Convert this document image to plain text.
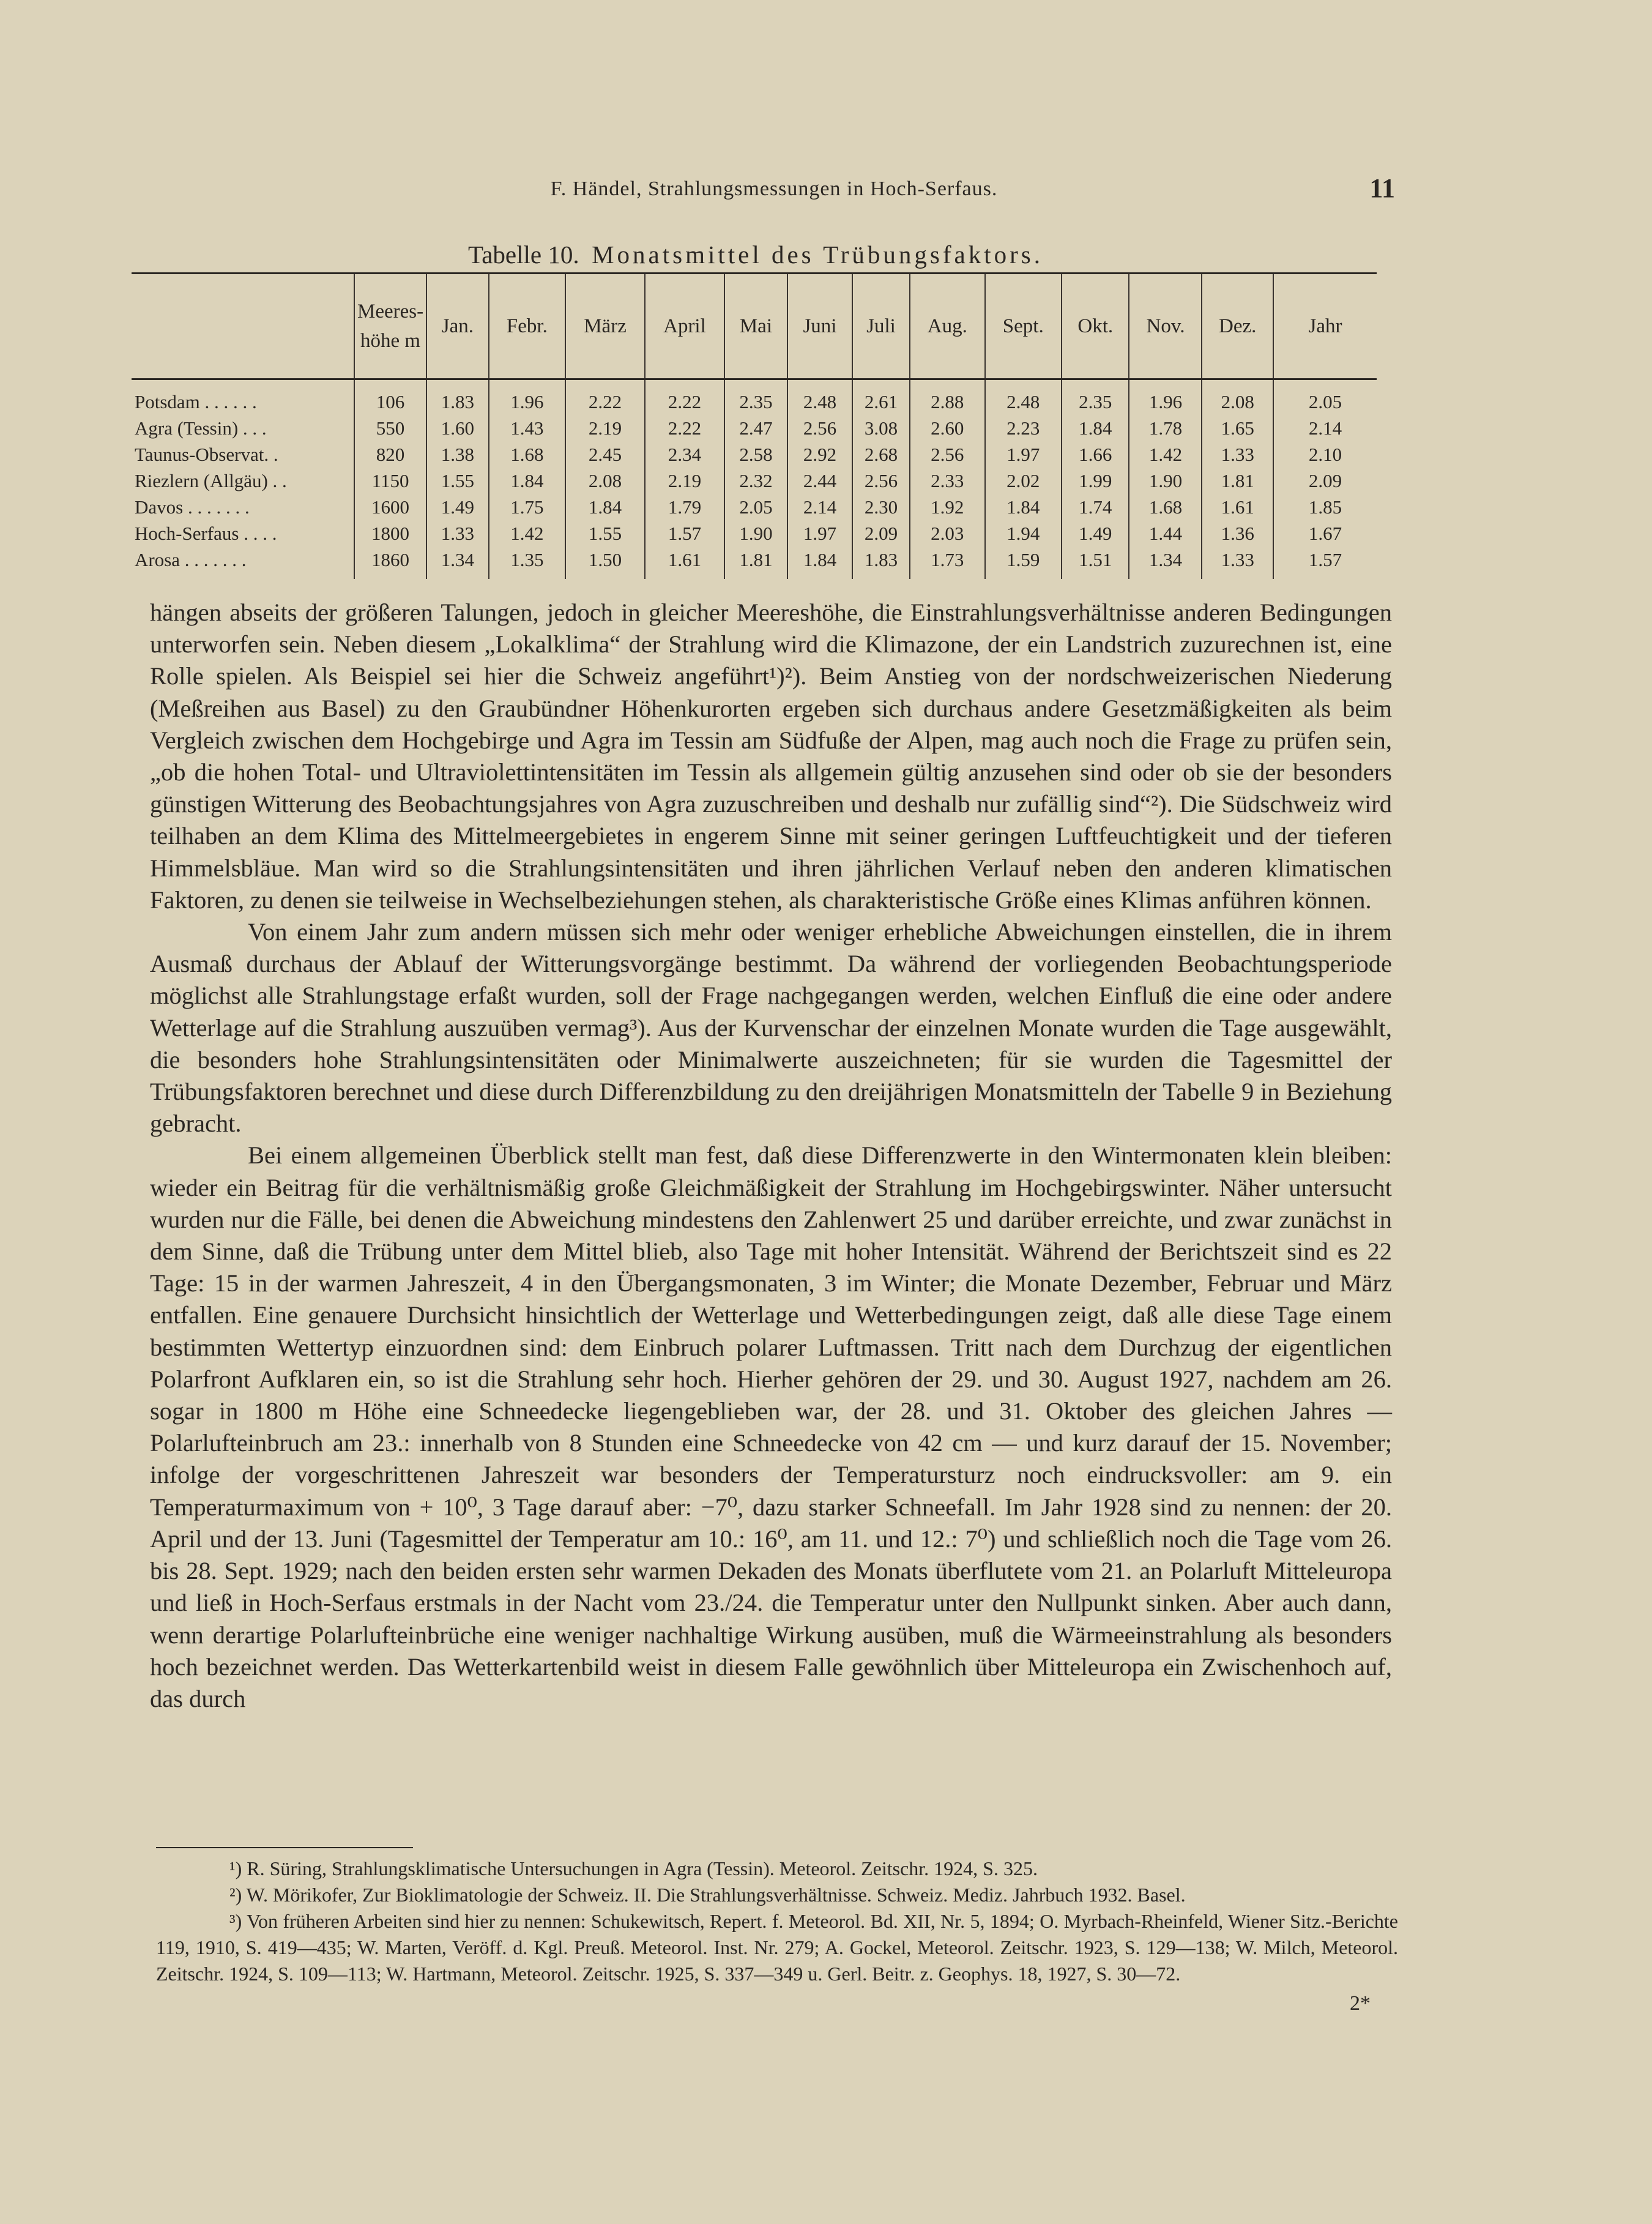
F. Händel, Strahlungsmessungen in Hoch-Serfaus.	11
Tabelle 10. Monatsmittel des Trübungsfaktors.
	Meeres-höhe m	Jan.	Febr.	März	April	Mai	Juni	Juli	Aug.	Sept.	Okt.	Nov.	Dez.	Jahr
Potsdam . . . . . .	106	1.83	1.96	2.22	2.22	2.35	2.48	2.61	2.88	2.48	2.35	1.96	2.08	2.05
Agra (Tessin) . . .	550	1.60	1.43	2.19	2.22	2.47	2.56	3.08	2.60	2.23	1.84	1.78	1.65	2.14
Taunus-Observat. .	820	1.38	1.68	2.45	2.34	2.58	2.92	2.68	2.56	1.97	1.66	1.42	1.33	2.10
Riezlern (Allgäu) . .	1150	1.55	1.84	2.08	2.19	2.32	2.44	2.56	2.33	2.02	1.99	1.90	1.81	2.09
Davos . . . . . . .	1600	1.49	1.75	1.84	1.79	2.05	2.14	2.30	1.92	1.84	1.74	1.68	1.61	1.85
Hoch-Serfaus . . . .	1800	1.33	1.42	1.55	1.57	1.90	1.97	2.09	2.03	1.94	1.49	1.44	1.36	1.67
Arosa . . . . . . .	1860	1.34	1.35	1.50	1.61	1.81	1.84	1.83	1.73	1.59	1.51	1.34	1.33	1.57

hängen abseits der größeren Talungen, jedoch in gleicher Meereshöhe, die Einstrahlungsverhältnisse anderen Bedingungen unterworfen sein. Neben diesem „Lokalklima“ der Strahlung wird die Klimazone, der ein Landstrich zuzurechnen ist, eine Rolle spielen. Als Beispiel sei hier die Schweiz angeführt¹)²). Beim Anstieg von der nordschweizerischen Niederung (Meßreihen aus Basel) zu den Graubündner Höhenkurorten ergeben sich durchaus andere Gesetzmäßigkeiten als beim Vergleich zwischen dem Hochgebirge und Agra im Tessin am Südfuße der Alpen, mag auch noch die Frage zu prüfen sein, „ob die hohen Total- und Ultraviolettintensitäten im Tessin als allgemein gültig anzusehen sind oder ob sie der besonders günstigen Witterung des Beobachtungsjahres von Agra zuzuschreiben und deshalb nur zufällig sind“²). Die Südschweiz wird teilhaben an dem Klima des Mittelmeergebietes in engerem Sinne mit seiner geringen Luftfeuchtigkeit und der tieferen Himmelsbläue. Man wird so die Strahlungsintensitäten und ihren jährlichen Verlauf neben den anderen klimatischen Faktoren, zu denen sie teilweise in Wechselbeziehungen stehen, als charakteristische Größe eines Klimas anführen können.

Von einem Jahr zum andern müssen sich mehr oder weniger erhebliche Abweichungen einstellen, die in ihrem Ausmaß durchaus der Ablauf der Witterungsvorgänge bestimmt. Da während der vorliegenden Beobachtungsperiode möglichst alle Strahlungstage erfaßt wurden, soll der Frage nachgegangen werden, welchen Einfluß die eine oder andere Wetterlage auf die Strahlung auszuüben vermag³). Aus der Kurvenschar der einzelnen Monate wurden die Tage ausgewählt, die besonders hohe Strahlungsintensitäten oder Minimalwerte auszeichneten; für sie wurden die Tagesmittel der Trübungsfaktoren berechnet und diese durch Differenzbildung zu den dreijährigen Monatsmitteln der Tabelle 9 in Beziehung gebracht.

Bei einem allgemeinen Überblick stellt man fest, daß diese Differenzwerte in den Wintermonaten klein bleiben: wieder ein Beitrag für die verhältnismäßig große Gleichmäßigkeit der Strahlung im Hochgebirgswinter. Näher untersucht wurden nur die Fälle, bei denen die Abweichung mindestens den Zahlenwert 25 und darüber erreichte, und zwar zunächst in dem Sinne, daß die Trübung unter dem Mittel blieb, also Tage mit hoher Intensität. Während der Berichtszeit sind es 22 Tage: 15 in der warmen Jahreszeit, 4 in den Übergangsmonaten, 3 im Winter; die Monate Dezember, Februar und März entfallen. Eine genauere Durchsicht hinsichtlich der Wetterlage und Wetterbedingungen zeigt, daß alle diese Tage einem bestimmten Wettertyp einzuordnen sind: dem Einbruch polarer Luftmassen. Tritt nach dem Durchzug der eigentlichen Polarfront Aufklaren ein, so ist die Strahlung sehr hoch. Hierher gehören der 29. und 30. August 1927, nachdem am 26. sogar in 1800 m Höhe eine Schneedecke liegengeblieben war, der 28. und 31. Oktober des gleichen Jahres — Polarlufteinbruch am 23.: innerhalb von 8 Stunden eine Schneedecke von 42 cm — und kurz darauf der 15. November; infolge der vorgeschrittenen Jahreszeit war besonders der Temperatursturz noch eindrucksvoller: am 9. ein Temperaturmaximum von + 10⁰, 3 Tage darauf aber: −7⁰, dazu starker Schneefall. Im Jahr 1928 sind zu nennen: der 20. April und der 13. Juni (Tagesmittel der Temperatur am 10.: 16⁰, am 11. und 12.: 7⁰) und schließlich noch die Tage vom 26. bis 28. Sept. 1929; nach den beiden ersten sehr warmen Dekaden des Monats überflutete vom 21. an Polarluft Mitteleuropa und ließ in Hoch-Serfaus erstmals in der Nacht vom 23./24. die Temperatur unter den Nullpunkt sinken. Aber auch dann, wenn derartige Polarlufteinbrüche eine weniger nachhaltige Wirkung ausüben, muß die Wärmeeinstrahlung als besonders hoch bezeichnet werden. Das Wetterkartenbild weist in diesem Falle gewöhnlich über Mitteleuropa ein Zwischenhoch auf, das durch

¹) R. Süring, Strahlungsklimatische Untersuchungen in Agra (Tessin). Meteorol. Zeitschr. 1924, S. 325.

²) W. Mörikofer, Zur Bioklimatologie der Schweiz. II. Die Strahlungsverhältnisse. Schweiz. Mediz. Jahrbuch 1932. Basel.

³) Von früheren Arbeiten sind hier zu nennen: Schukewitsch, Repert. f. Meteorol. Bd. XII, Nr. 5, 1894; O. Myrbach-Rheinfeld, Wiener Sitz.-Berichte 119, 1910, S. 419—435; W. Marten, Veröff. d. Kgl. Preuß. Meteorol. Inst. Nr. 279; A. Gockel, Meteorol. Zeitschr. 1923, S. 129—138; W. Milch, Meteorol. Zeitschr. 1924, S. 109—113; W. Hartmann, Meteorol. Zeitschr. 1925, S. 337—349 u. Gerl. Beitr. z. Geophys. 18, 1927, S. 30—72.

2*
